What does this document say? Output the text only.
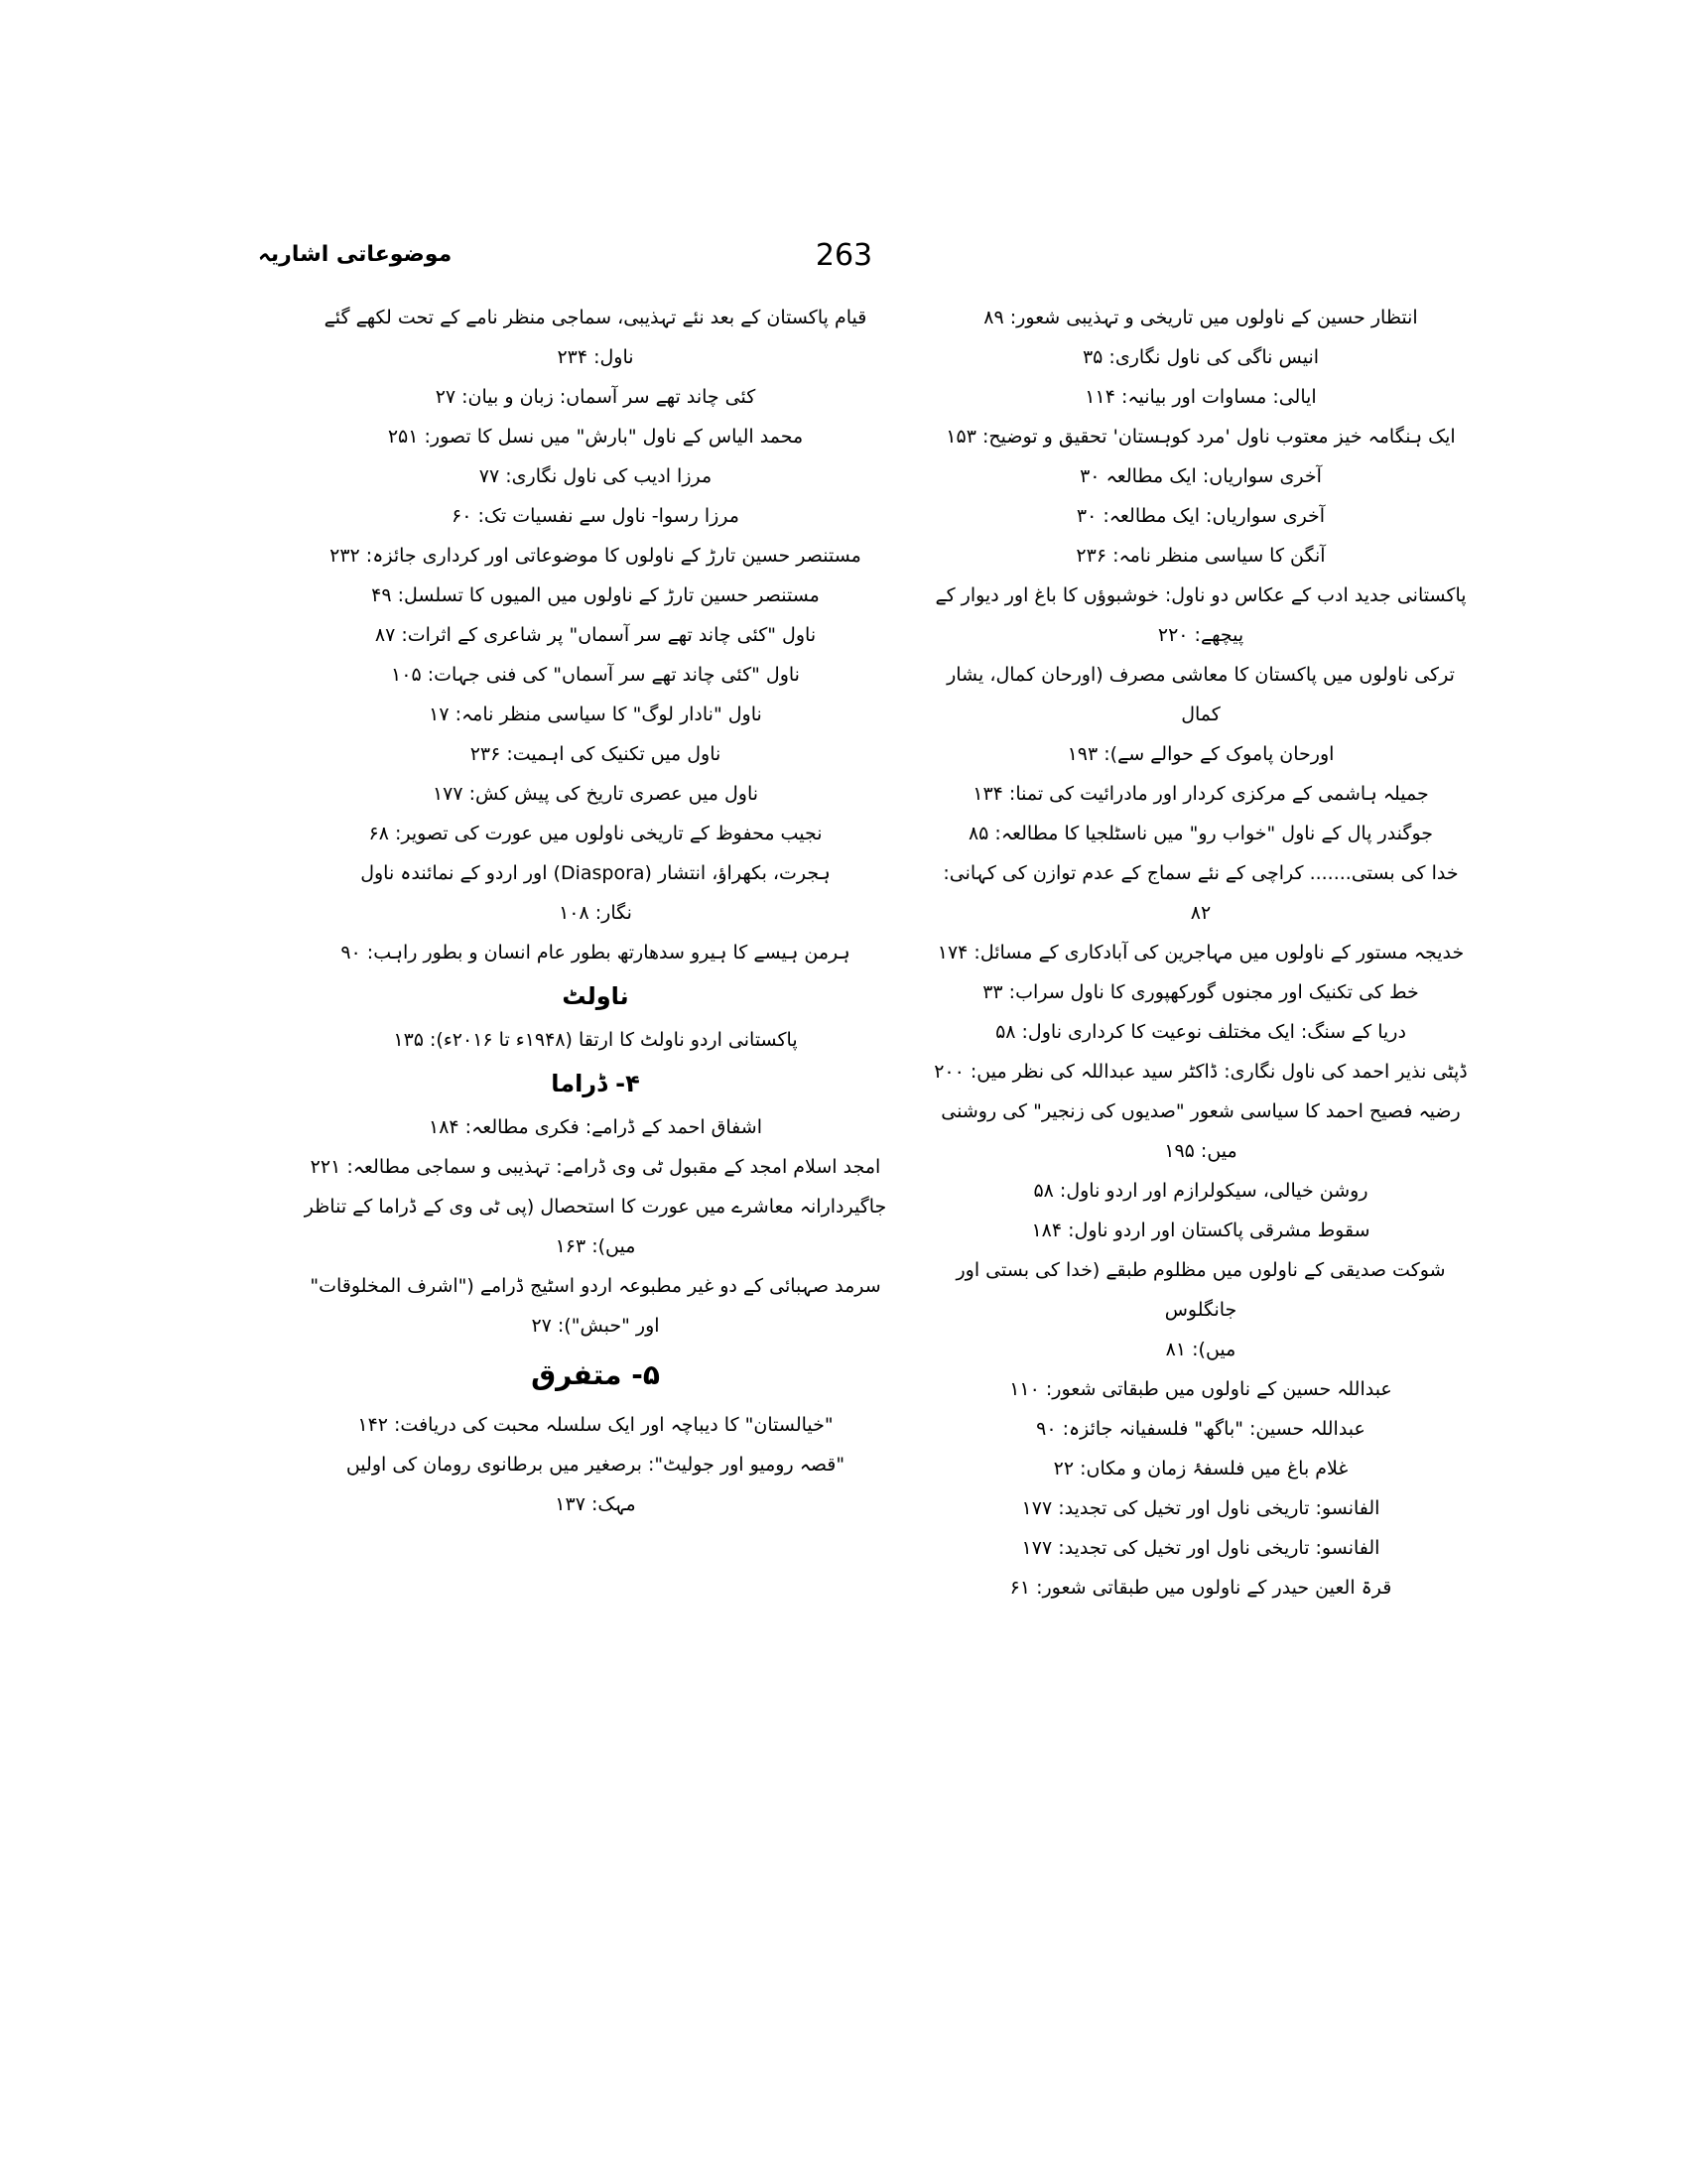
موضوعاتی اشاریہ	263

انتظار حسین کے ناولوں میں تاریخی و تہذیبی شعور: ۸۹

انیس ناگی کی ناول نگاری: ۳۵

ایالی: مساوات اور بیانیہ: ۱۱۴

ایک ہنگامہ خیز معتوب ناول 'مرد کوہستان' تحقیق و توضیح: ۱۵۳

آخری سواریاں: ایک مطالعہ ۳۰

آخری سواریاں: ایک مطالعہ: ۳۰

آنگن کا سیاسی منظر نامہ: ۲۳۶

پاکستانی جدید ادب کے عکاس دو ناول: خوشبوؤں کا باغ اور دیوار کے

پیچھے: ۲۲۰

ترکی ناولوں میں پاکستان کا معاشی مصرف (اورحان کمال، یشار کمال

اورحان پاموک کے حوالے سے): ۱۹۳

جمیلہ ہاشمی کے مرکزی کردار اور مادرائیت کی تمنا: ۱۳۴

جوگندر پال کے ناول "خواب رو" میں ناسٹلجیا کا مطالعہ: ۸۵

خدا کی بستی....... کراچی کے نئے سماج کے عدم توازن کی کہانی: ۸۲

خدیجہ مستور کے ناولوں میں مہاجرین کی آبادکاری کے مسائل: ۱۷۴

خط کی تکنیک اور مجنوں گورکھپوری کا ناول سراب: ۳۳

دریا کے سنگ: ایک مختلف نوعیت کا کرداری ناول: ۵۸

ڈپٹی نذیر احمد کی ناول نگاری: ڈاکٹر سید عبداللہ کی نظر میں: ۲۰۰

رضیہ فصیح احمد کا سیاسی شعور "صدیوں کی زنجیر" کی روشنی میں: ۱۹۵

روشن خیالی، سیکولرازم اور اردو ناول: ۵۸

سقوط مشرقی پاکستان اور اردو ناول: ۱۸۴

شوکت صدیقی کے ناولوں میں مظلوم طبقے (خدا کی بستی اور جانگلوس

میں): ۸۱

عبداللہ حسین کے ناولوں میں طبقاتی شعور: ۱۱۰

عبداللہ حسین: "باگھ" فلسفیانہ جائزہ: ۹۰

غلام باغ میں فلسفۂ زمان و مکاں: ۲۲

الفانسو: تاریخی ناول اور تخیل کی تجدید: ۱۷۷

الفانسو: تاریخی ناول اور تخیل کی تجدید: ۱۷۷

قرۃ العین حیدر کے ناولوں میں طبقاتی شعور: ۶۱

قیام پاکستان کے بعد نئے تہذیبی، سماجی منظر نامے کے تحت لکھے گئے

ناول: ۲۳۴

کئی چاند تھے سر آسماں: زبان و بیان: ۲۷

محمد الیاس کے ناول "بارش" میں نسل کا تصور: ۲۵۱

مرزا ادیب کی ناول نگاری: ۷۷

مرزا رسوا- ناول سے نفسیات تک: ۶۰

مستنصر حسین تارڑ کے ناولوں کا موضوعاتی اور کرداری جائزہ: ۲۳۲

مستنصر حسین تارڑ کے ناولوں میں المیوں کا تسلسل: ۴۹

ناول "کئی چاند تھے سر آسماں" پر شاعری کے اثرات: ۸۷

ناول "کئی چاند تھے سر آسماں" کی فنی جہات: ۱۰۵

ناول "نادار لوگ" کا سیاسی منظر نامہ: ۱۷

ناول میں تکنیک کی اہمیت: ۲۳۶

ناول میں عصری تاریخ کی پیش کش: ۱۷۷

نجیب محفوظ کے تاریخی ناولوں میں عورت کی تصویر: ۶۸

ہجرت، بکھراؤ، انتشار (Diaspora) اور اردو کے نمائندہ ناول

نگار: ۱۰۸

ہرمن ہیسے کا ہیرو سدھارتھ بطور عام انسان و بطور راہب: ۹۰

ناولٹ

پاکستانی اردو ناولٹ کا ارتقا (۱۹۴۸ء تا ۲۰۱۶ء): ۱۳۵

۴- ڈراما

اشفاق احمد کے ڈرامے: فکری مطالعہ: ۱۸۴

امجد اسلام امجد کے مقبول ٹی وی ڈرامے: تہذیبی و سماجی مطالعہ: ۲۲۱

جاگیردارانہ معاشرے میں عورت کا استحصال (پی ٹی وی کے ڈراما کے تناظر

میں): ۱۶۳

سرمد صہبائی کے دو غیر مطبوعہ اردو اسٹیج ڈرامے ("اشرف المخلوقات"

اور "حبش"): ۲۷

۵- متفرق

"خیالستان" کا دیباچہ اور ایک سلسلہ محبت کی دریافت: ۱۴۲

"قصہ رومیو اور جولیٹ": برصغیر میں برطانوی رومان کی اولیں

مہک: ۱۳۷
